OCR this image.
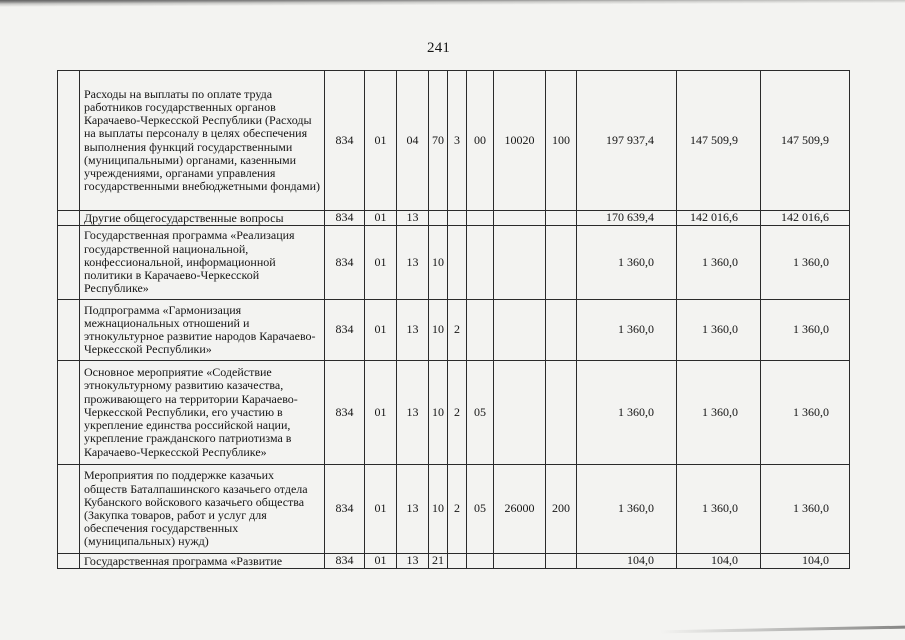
241
	Расходы на выплаты по оплате труда работников государственных органов Карачаево-Черкесской Республики (Расходы на выплаты персоналу в целях обеспечения выполнения функций государственными (муниципальными) органами, казенными учреждениями, органами управления государственными внебюджетными фондами)	834	01	04	70	3	00	10020	100	197 937,4	147 509,9	147 509,9
	Другие общегосударственные вопросы	834	01	13						170 639,4	142 016,6	142 016,6
	Государственная программа «Реализация государственной национальной, конфессиональной, информационной политики в Карачаево-Черкесской Республике»	834	01	13	10					1 360,0	1 360,0	1 360,0
	Подпрограмма «Гармонизация межнациональных отношений и этнокультурное развитие народов Карачаево-Черкесской Республики»	834	01	13	10	2				1 360,0	1 360,0	1 360,0
	Основное мероприятие «Содействие этнокультурному развитию казачества, проживающего на территории Карачаево-Черкесской Республики, его участию в укрепление единства российской нации, укрепление гражданского патриотизма в Карачаево-Черкесской Республике»	834	01	13	10	2	05			1 360,0	1 360,0	1 360,0
	Мероприятия по поддержке казачьих обществ Баталпашинского казачьего отдела Кубанского войскового казачьего общества (Закупка товаров, работ и услуг для обеспечения государственных (муниципальных) нужд)	834	01	13	10	2	05	26000	200	1 360,0	1 360,0	1 360,0
	Государственная программа «Развитие	834	01	13	21					104,0	104,0	104,0
